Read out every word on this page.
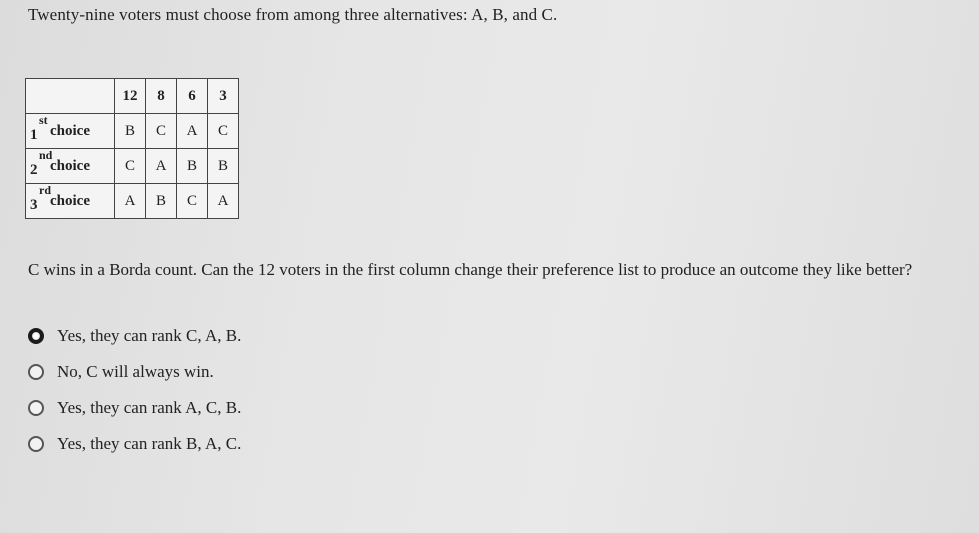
Twenty-nine voters must choose from among three alternatives: A, B, and C.
	12	8	6	3
1
st
choice	B	C	A	C
2
nd
choice	C	A	B	B
3
rd
choice	A	B	C	A
C wins in a Borda count. Can the 12 voters in the first column change their preference list to produce an outcome they like better?
Yes, they can rank C, A, B.
No, C will always win.
Yes, they can rank A, C, B.
Yes, they can rank B, A, C.
